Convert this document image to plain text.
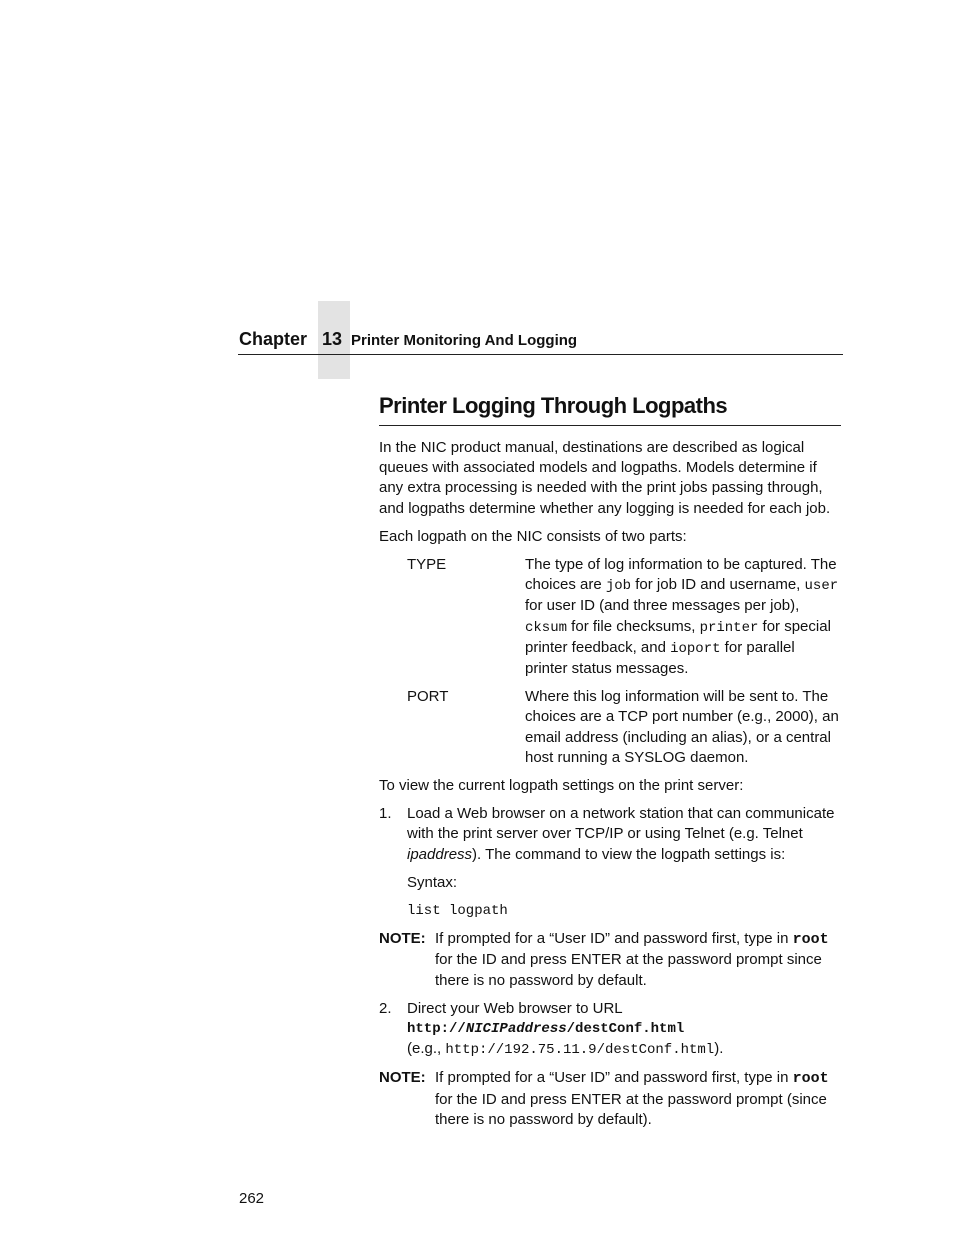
Chapter 13 Printer Monitoring And Logging
Printer Logging Through Logpaths

In the NIC product manual, destinations are described as logical queues with associated models and logpaths. Models determine if any extra processing is needed with the print jobs passing through, and logpaths determine whether any logging is needed for each job.

Each logpath on the NIC consists of two parts:

TYPE	The type of log information to be captured. The choices are job for job ID and username, user for user ID (and three messages per job), cksum for file checksums, printer for special printer feedback, and ioport for parallel printer status messages.
PORT	Where this log information will be sent to. The choices are a TCP port number (e.g., 2000), an email address (including an alias), or a central host running a SYSLOG daemon.

To view the current logpath settings on the print server:

1.	Load a Web browser on a network station that can communicate with the print server over TCP/IP or using Telnet (e.g. Telnet ipaddress). The command to view the logpath settings is:

Syntax:

list logpath
NOTE: If prompted for a “User ID” and password first, type in root for the ID and press ENTER at the password prompt since there is no password by default.
2.	Direct your Web browser to URL
http://NICIPaddress/destConf.html
(e.g., http://192.75.11.9/destConf.html).
NOTE: If prompted for a “User ID” and password first, type in root for the ID and press ENTER at the password prompt (since there is no password by default).
262
